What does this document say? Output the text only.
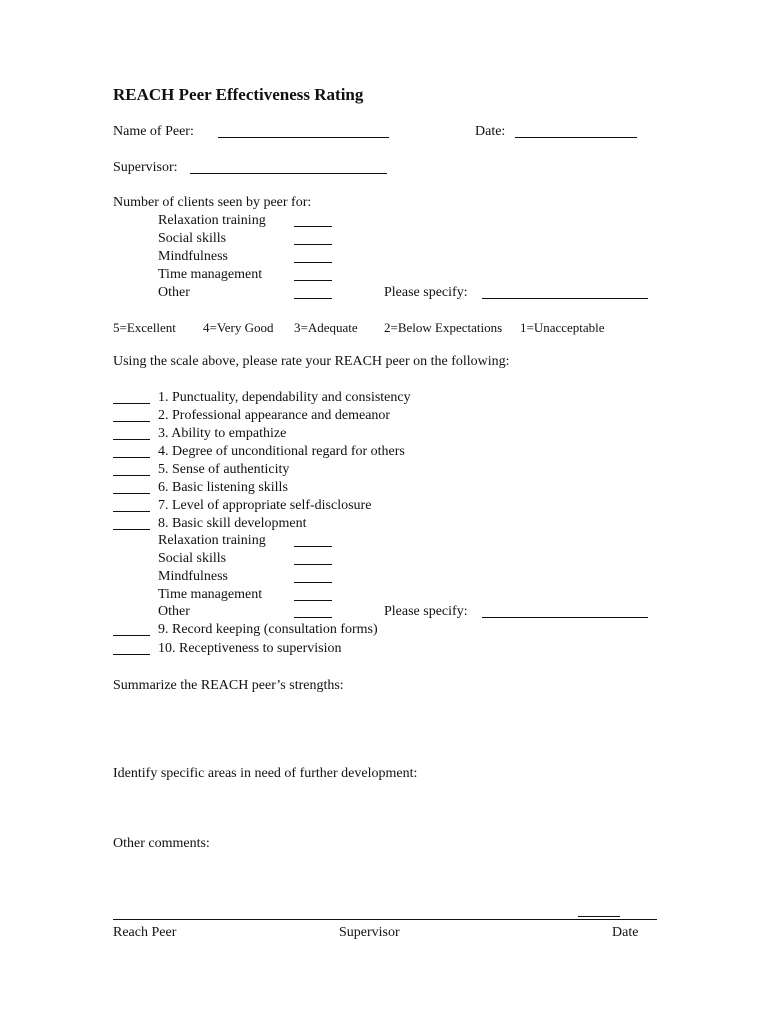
REACH Peer Effectiveness Rating
Name of Peer:	Date:
Supervisor:
Number of clients seen by peer for:
Relaxation training
Social skills
Mindfulness
Time management
Other	Please specify:
5=Excellent 4=Very Good 3=Adequate 2=Below Expectations 1=Unacceptable
Using the scale above, please rate your REACH peer on the following:
1. Punctuality, dependability and consistency
2. Professional appearance and demeanor
3. Ability to empathize
4. Degree of unconditional regard for others
5. Sense of authenticity
6. Basic listening skills
7. Level of appropriate self-disclosure
8. Basic skill development
Relaxation training
Social skills
Mindfulness
Time management
Other	Please specify:
9. Record keeping (consultation forms)
10. Receptiveness to supervision
Summarize the REACH peer’s strengths:
Identify specific areas in need of further development:
Other comments:
Reach Peer	Supervisor	Date
